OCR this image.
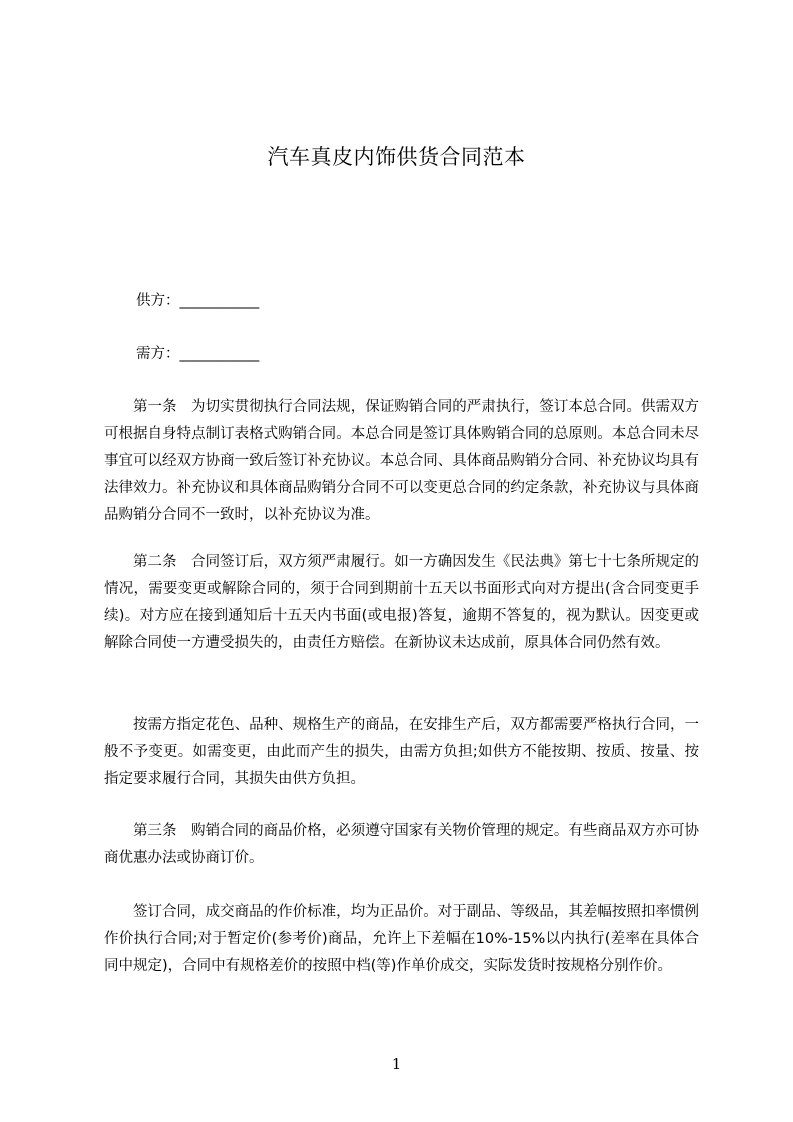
汽车真皮内饰供货合同范本
供方：___________
需方：___________

第一条　为切实贯彻执行合同法规，保证购销合同的严肃执行，签订本总合同。供需双方可根据自身特点制订表格式购销合同。本总合同是签订具体购销合同的总原则。本总合同未尽事宜可以经双方协商一致后签订补充协议。本总合同、具体商品购销分合同、补充协议均具有法律效力。补充协议和具体商品购销分合同不可以变更总合同的约定条款，补充协议与具体商品购销分合同不一致时，以补充协议为准。

第二条　合同签订后，双方须严肃履行。如一方确因发生《民法典》第七十七条所规定的情况，需要变更或解除合同的，须于合同到期前十五天以书面形式向对方提出(含合同变更手续)。对方应在接到通知后十五天内书面(或电报)答复，逾期不答复的，视为默认。因变更或解除合同使一方遭受损失的，由责任方赔偿。在新协议未达成前，原具体合同仍然有效。

按需方指定花色、品种、规格生产的商品，在安排生产后，双方都需要严格执行合同，一般不予变更。如需变更，由此而产生的损失，由需方负担;如供方不能按期、按质、按量、按指定要求履行合同，其损失由供方负担。

第三条　购销合同的商品价格，必须遵守国家有关物价管理的规定。有些商品双方亦可协商优惠办法或协商订价。

签订合同，成交商品的作价标准，均为正品价。对于副品、等级品，其差幅按照扣率惯例作价执行合同;对于暂定价(参考价)商品，允许上下差幅在10%-15%以内执行(差率在具体合同中规定)，合同中有规格差价的按照中档(等)作单价成交，实际发货时按规格分别作价。

1
